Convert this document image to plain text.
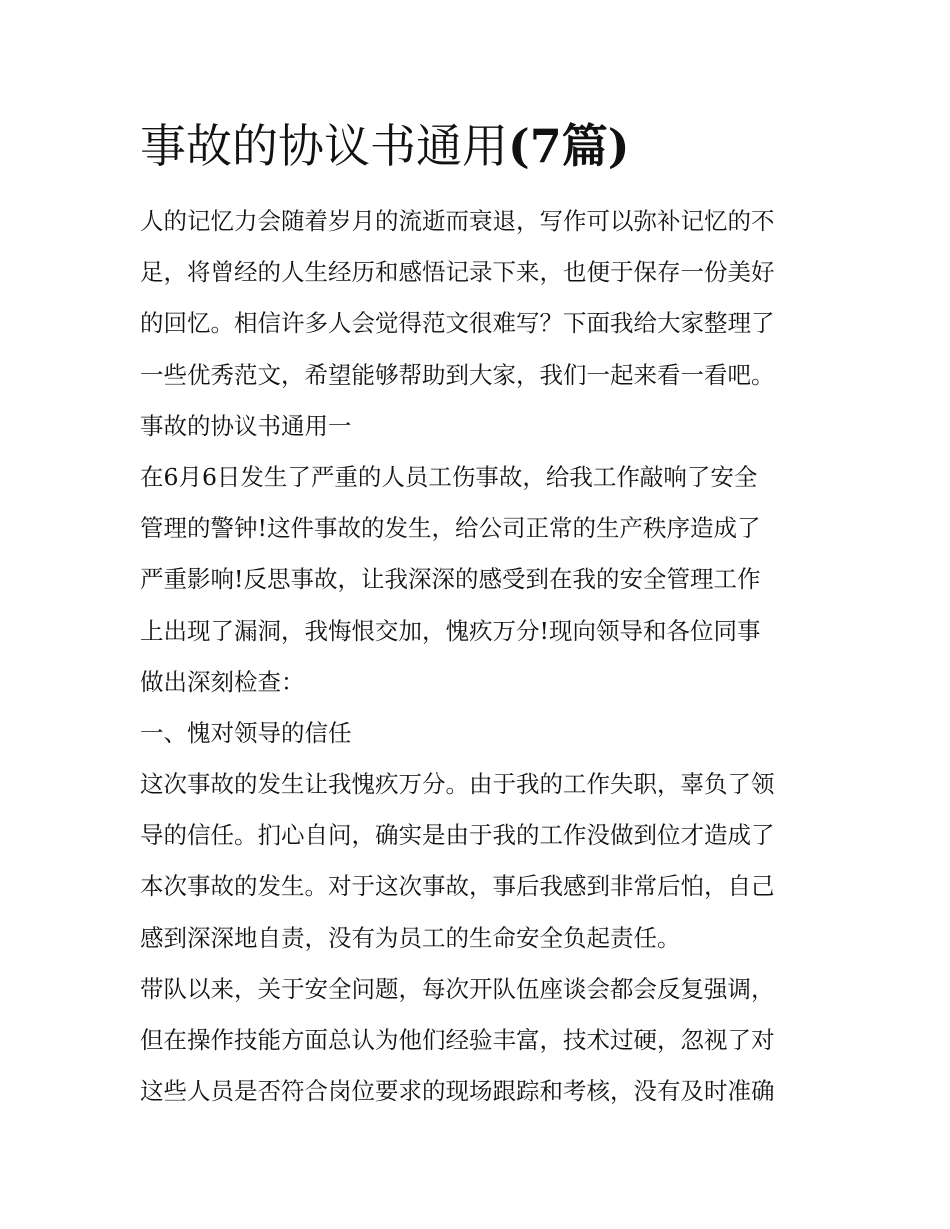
事故的协议书通用(7篇)
人的记忆力会随着岁月的流逝而衰退，写作可以弥补记忆的不
足，将曾经的人生经历和感悟记录下来，也便于保存一份美好
的回忆。相信许多人会觉得范文很难写？下面我给大家整理了
一些优秀范文，希望能够帮助到大家，我们一起来看一看吧。
事故的协议书通用一
在6月6日发生了严重的人员工伤事故，给我工作敲响了安全
管理的警钟!这件事故的发生，给公司正常的生产秩序造成了
严重影响!反思事故，让我深深的感受到在我的安全管理工作
上出现了漏洞，我悔恨交加，愧疚万分!现向领导和各位同事
做出深刻检查：
一、愧对领导的信任
这次事故的发生让我愧疚万分。由于我的工作失职，辜负了领
导的信任。扪心自问，确实是由于我的工作没做到位才造成了
本次事故的发生。对于这次事故，事后我感到非常后怕，自己
感到深深地自责，没有为员工的生命安全负起责任。
带队以来，关于安全问题，每次开队伍座谈会都会反复强调，
但在操作技能方面总认为他们经验丰富，技术过硬，忽视了对
这些人员是否符合岗位要求的现场跟踪和考核，没有及时准确
